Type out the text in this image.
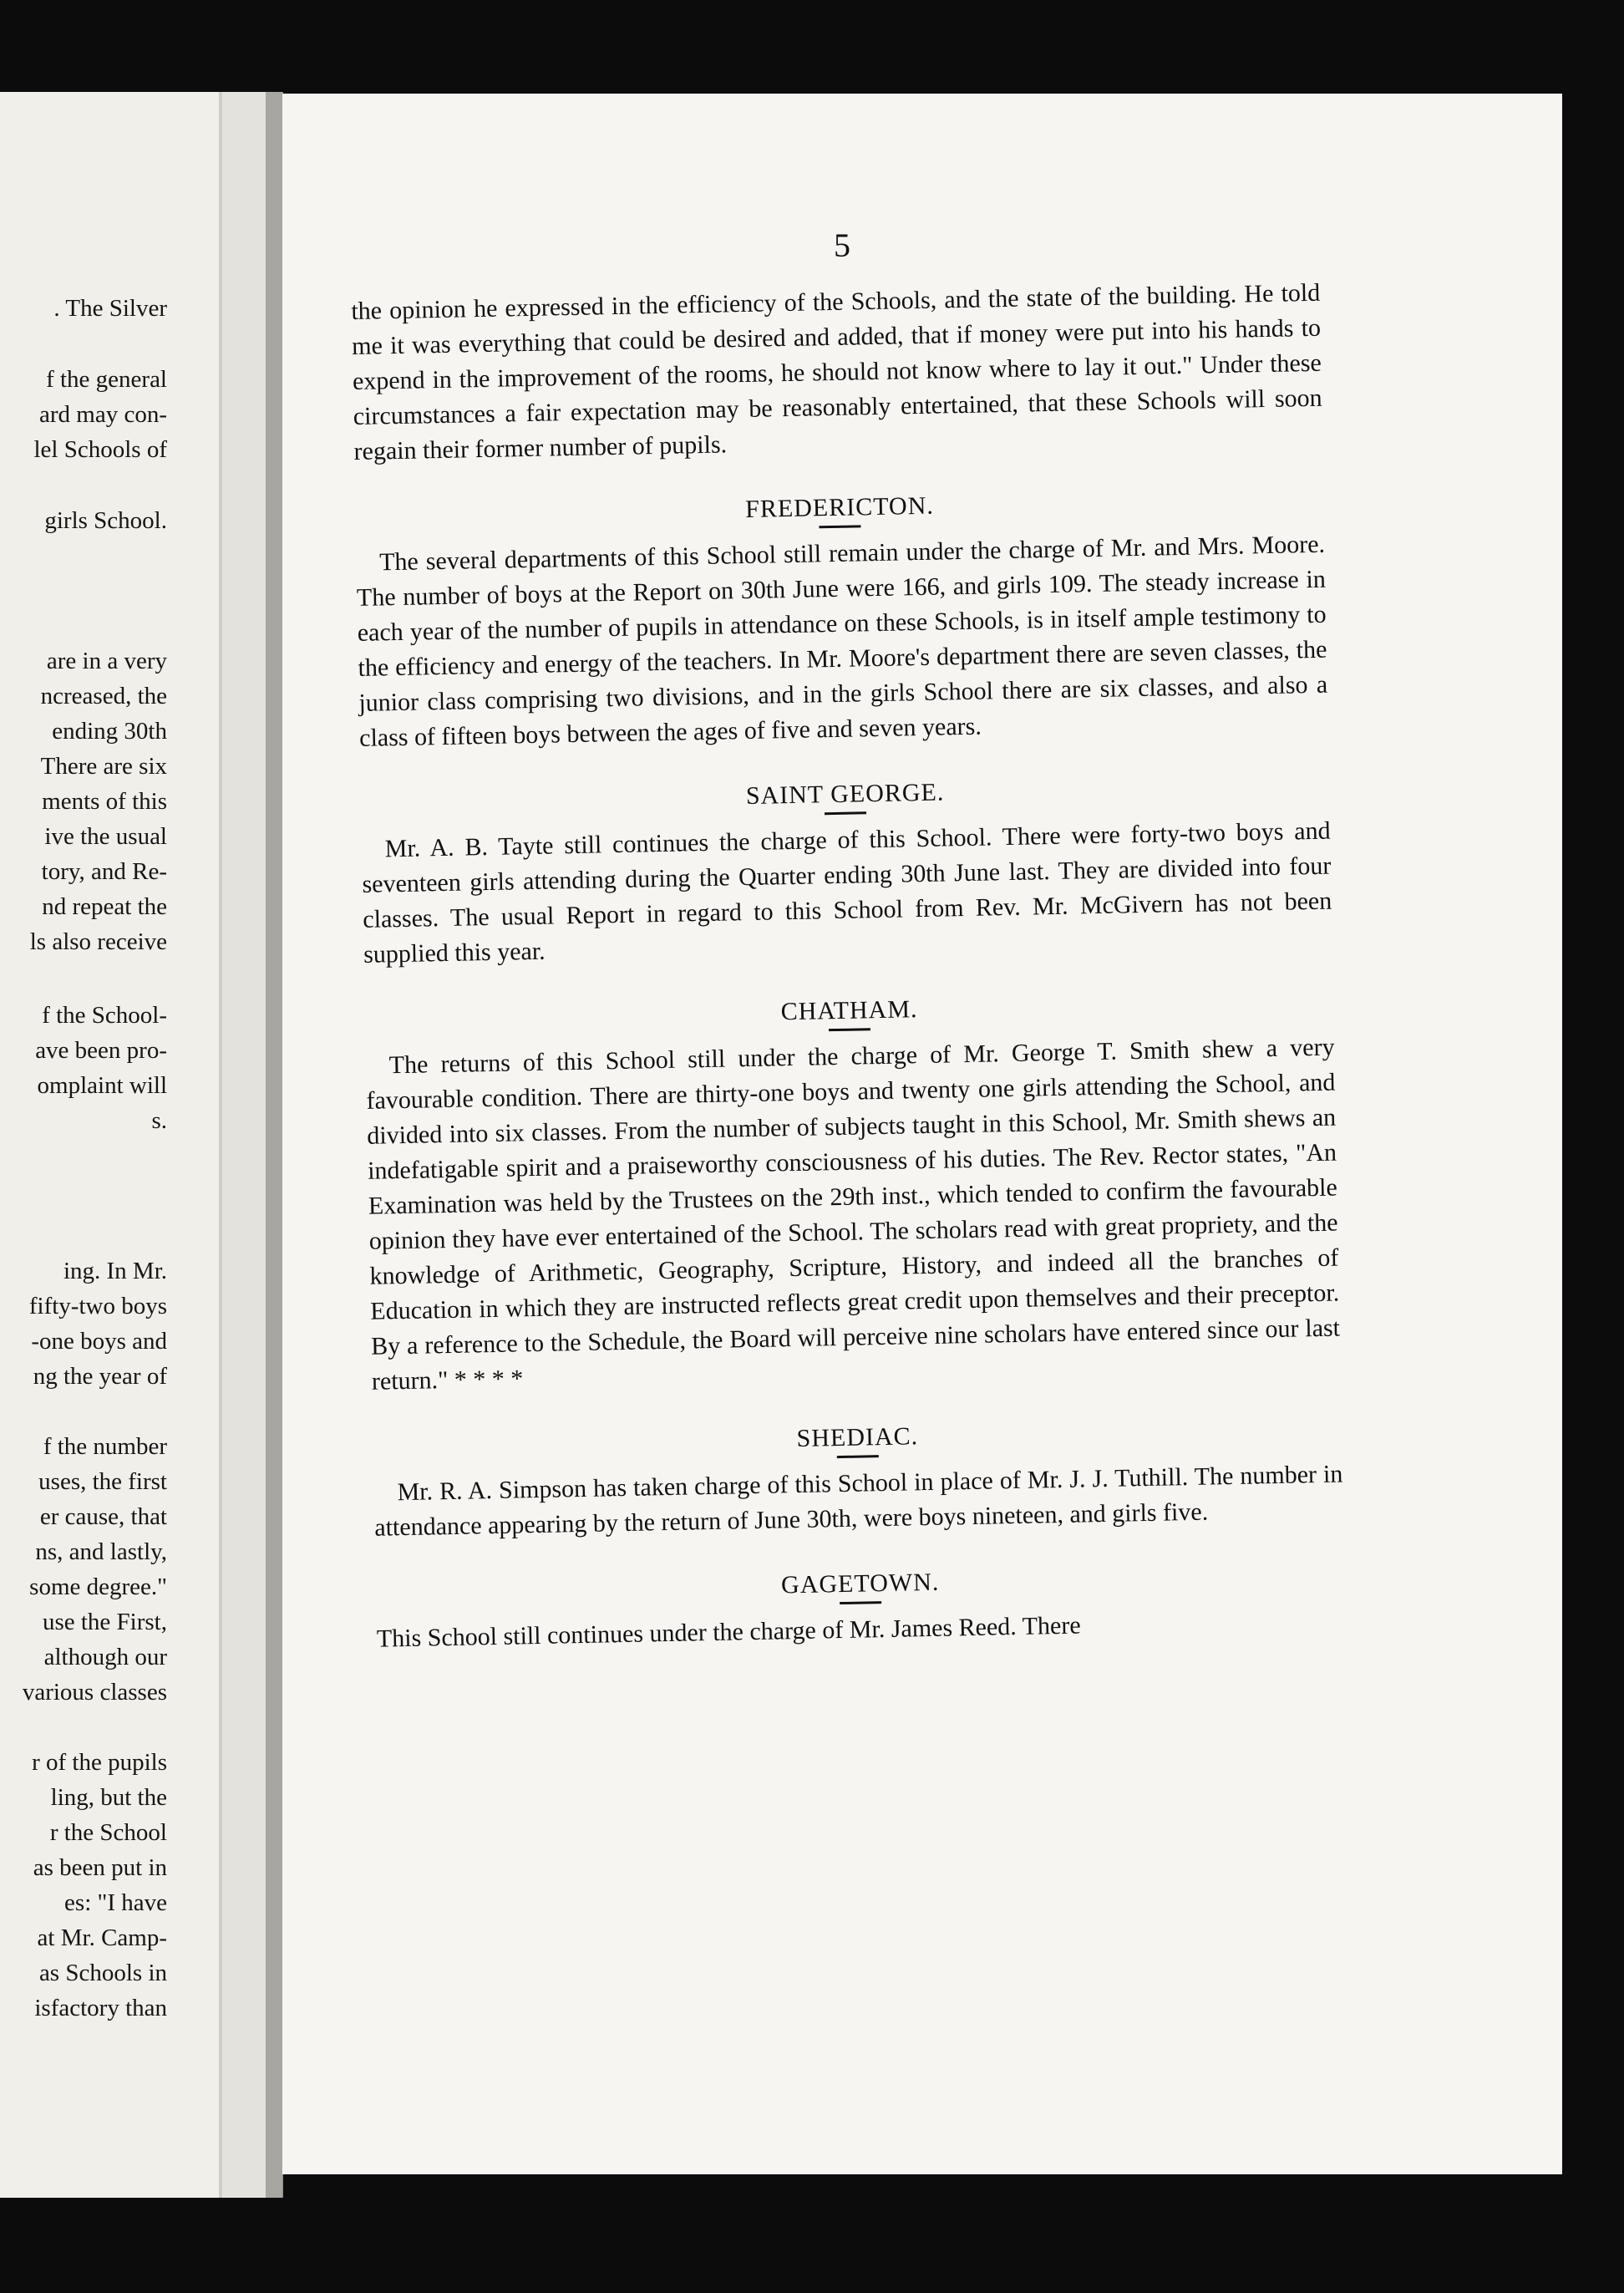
. The Silver
f the general
ard may con-
lel Schools of
girls School.
are in a very
ncreased, the
ending 30th
There are six
ments of this
ive the usual
tory, and Re-
nd repeat the
ls also receive
f the School-
ave been pro-
omplaint will
s.
ing. In Mr.
fifty-two boys
-one boys and
ng the year of
f the number
uses, the first
er cause, that
ns, and lastly,
some degree."
use the First,
although our
various classes
r of the pupils
ling, but the
r the School
as been put in
es: "I have
at Mr. Camp-
as Schools in
isfactory than
5

the opinion he expressed in the efficiency of the Schools, and the state of the building. He told me it was everything that could be desired and added, that if money were put into his hands to expend in the improvement of the rooms, he should not know where to lay it out." Under these circumstances a fair expectation may be reasonably entertained, that these Schools will soon regain their former number of pupils.

FREDERICTON.

The several departments of this School still remain under the charge of Mr. and Mrs. Moore. The number of boys at the Report on 30th June were 166, and girls 109. The steady increase in each year of the number of pupils in attendance on these Schools, is in itself ample testimony to the efficiency and energy of the teachers. In Mr. Moore's department there are seven classes, the junior class comprising two divisions, and in the girls School there are six classes, and also a class of fifteen boys between the ages of five and seven years.

SAINT GEORGE.

Mr. A. B. Tayte still continues the charge of this School. There were forty-two boys and seventeen girls attending during the Quarter ending 30th June last. They are divided into four classes. The usual Report in regard to this School from Rev. Mr. McGivern has not been supplied this year.

CHATHAM.

The returns of this School still under the charge of Mr. George T. Smith shew a very favourable condition. There are thirty-one boys and twenty one girls attending the School, and divided into six classes. From the number of subjects taught in this School, Mr. Smith shews an indefatigable spirit and a praiseworthy consciousness of his duties. The Rev. Rector states, "An Examination was held by the Trustees on the 29th inst., which tended to confirm the favourable opinion they have ever entertained of the School. The scholars read with great propriety, and the knowledge of Arithmetic, Geography, Scripture, History, and indeed all the branches of Education in which they are instructed reflects great credit upon themselves and their preceptor. By a reference to the Schedule, the Board will perceive nine scholars have entered since our last return." * * * *

SHEDIAC.

Mr. R. A. Simpson has taken charge of this School in place of Mr. J. J. Tuthill. The number in attendance appearing by the return of June 30th, were boys nineteen, and girls five.

GAGETOWN.

This School still continues under the charge of Mr. James Reed. There
